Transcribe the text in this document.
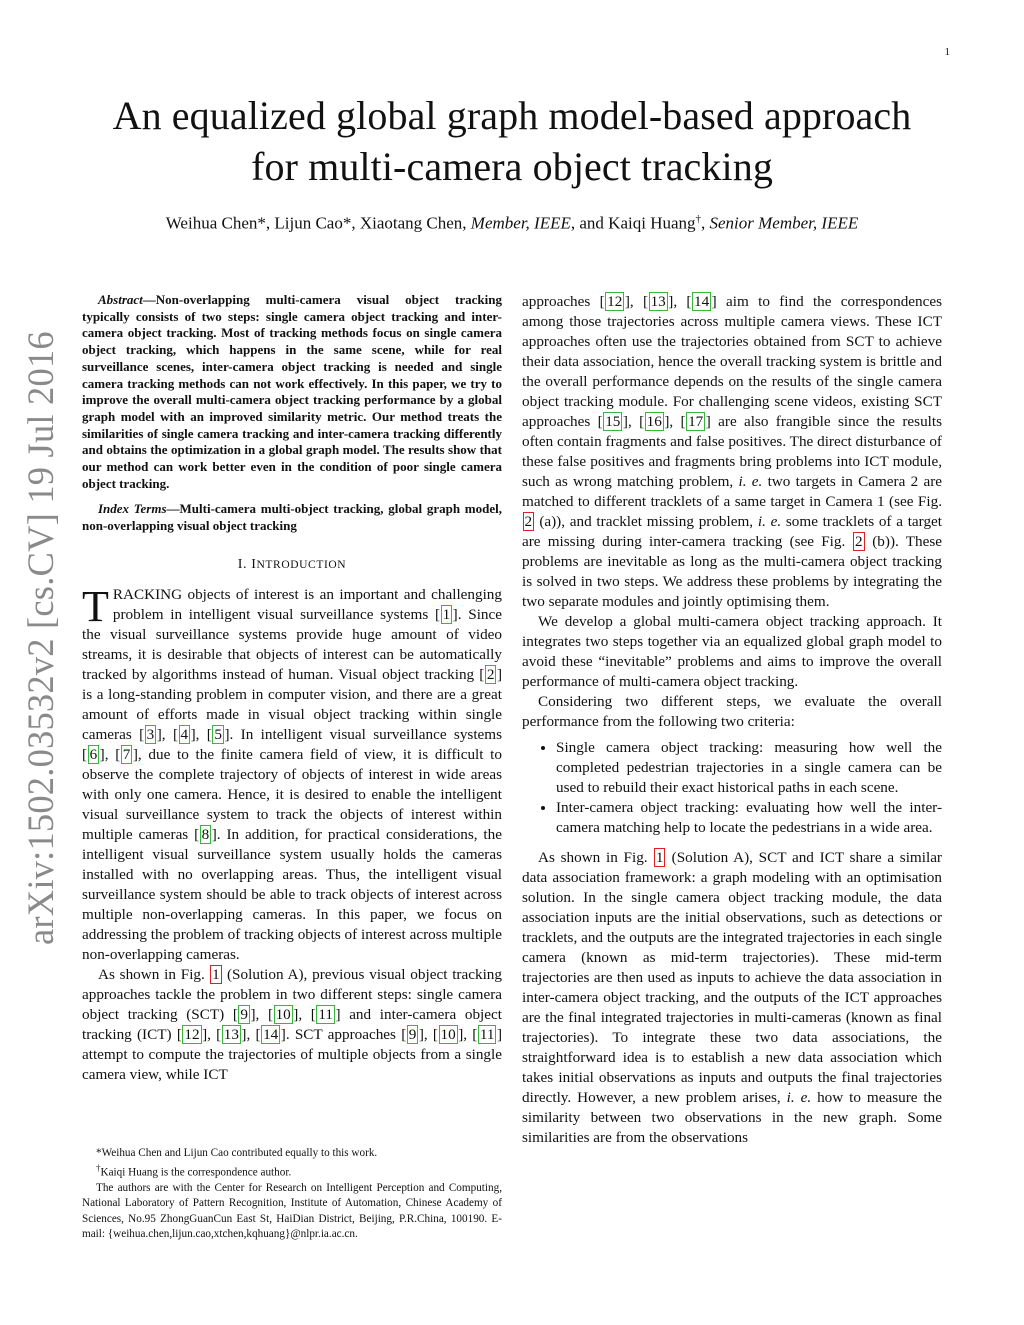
1
An equalized global graph model-based approach
for multi-camera object tracking
Weihua Chen*, Lijun Cao*, Xiaotang Chen, Member, IEEE, and Kaiqi Huang†, Senior Member, IEEE
arXiv:1502.03532v2 [cs.CV] 19 Jul 2016

Abstract—Non-overlapping multi-camera visual object tracking typically consists of two steps: single camera object tracking and inter-camera object tracking. Most of tracking methods focus on single camera object tracking, which happens in the same scene, while for real surveillance scenes, inter-camera object tracking is needed and single camera tracking methods can not work effectively. In this paper, we try to improve the overall multi-camera object tracking performance by a global graph model with an improved similarity metric. Our method treats the similarities of single camera tracking and inter-camera tracking differently and obtains the optimization in a global graph model. The results show that our method can work better even in the condition of poor single camera object tracking.

Index Terms—Multi-camera multi-object tracking, global graph model, non-overlapping visual object tracking

I. INTRODUCTION

TRACKING objects of interest is an important and challenging problem in intelligent visual surveillance systems [ 1 ]. Since the visual surveillance systems provide huge amount of video streams, it is desirable that objects of interest can be automatically tracked by algorithms instead of human. Visual object tracking [ 2 ] is a long-standing problem in computer vision, and there are a great amount of efforts made in visual object tracking within single cameras [ 3 ], [ 4 ], [ 5 ]. In intelligent visual surveillance systems [ 6 ], [ 7 ], due to the finite camera field of view, it is difficult to observe the complete trajectory of objects of interest in wide areas with only one camera. Hence, it is desired to enable the intelligent visual surveillance system to track the objects of interest within multiple cameras [ 8 ]. In addition, for practical considerations, the intelligent visual surveillance system usually holds the cameras installed with no overlapping areas. Thus, the intelligent visual surveillance system should be able to track objects of interest across multiple non-overlapping cameras. In this paper, we focus on addressing the problem of tracking objects of interest across multiple non-overlapping cameras.

As shown in Fig. 1 (Solution A), previous visual object tracking approaches tackle the problem in two different steps: single camera object tracking (SCT) [ 9 ], [ 10 ], [ 11 ] and inter-camera object tracking (ICT) [ 12 ], [ 13 ], [ 14 ]. SCT approaches [ 9 ], [ 10 ], [ 11 ] attempt to compute the trajectories of multiple objects from a single camera view, while ICT

*Weihua Chen and Lijun Cao contributed equally to this work.

†Kaiqi Huang is the correspondence author.

The authors are with the Center for Research on Intelligent Perception and Computing, National Laboratory of Pattern Recognition, Institute of Automation, Chinese Academy of Sciences, No.95 ZhongGuanCun East St, HaiDian District, Beijing, P.R.China, 100190. E-mail: {weihua.chen,lijun.cao,xtchen,kqhuang}@nlpr.ia.ac.cn.

approaches [ 12 ], [ 13 ], [ 14 ] aim to find the correspondences among those trajectories across multiple camera views. These ICT approaches often use the trajectories obtained from SCT to achieve their data association, hence the overall tracking system is brittle and the overall performance depends on the results of the single camera object tracking module. For challenging scene videos, existing SCT approaches [ 15 ], [ 16 ], [ 17 ] are also frangible since the results often contain fragments and false positives. The direct disturbance of these false positives and fragments bring problems into ICT module, such as wrong matching problem, i. e. two targets in Camera 2 are matched to different tracklets of a same target in Camera 1 (see Fig. 2 (a)), and tracklet missing problem, i. e. some tracklets of a target are missing during inter-camera tracking (see Fig. 2 (b)). These problems are inevitable as long as the multi-camera object tracking is solved in two steps. We address these problems by integrating the two separate modules and jointly optimising them.

We develop a global multi-camera object tracking approach. It integrates two steps together via an equalized global graph model to avoid these “inevitable” problems and aims to improve the overall performance of multi-camera object tracking.

Considering two different steps, we evaluate the overall performance from the following two criteria:

• Single camera object tracking: measuring how well the completed pedestrian trajectories in a single camera can be used to rebuild their exact historical paths in each scene.
• Inter-camera object tracking: evaluating how well the inter-camera matching help to locate the pedestrians in a wide area.

As shown in Fig. 1 (Solution A), SCT and ICT share a similar data association framework: a graph modeling with an optimisation solution. In the single camera object tracking module, the data association inputs are the initial observations, such as detections or tracklets, and the outputs are the integrated trajectories in each single camera (known as mid-term trajectories). These mid-term trajectories are then used as inputs to achieve the data association in inter-camera object tracking, and the outputs of the ICT approaches are the final integrated trajectories in multi-cameras (known as final trajectories). To integrate these two data associations, the straightforward idea is to establish a new data association which takes initial observations as inputs and outputs the final trajectories directly. However, a new problem arises, i. e. how to measure the similarity between two observations in the new graph. Some similarities are from the observations
